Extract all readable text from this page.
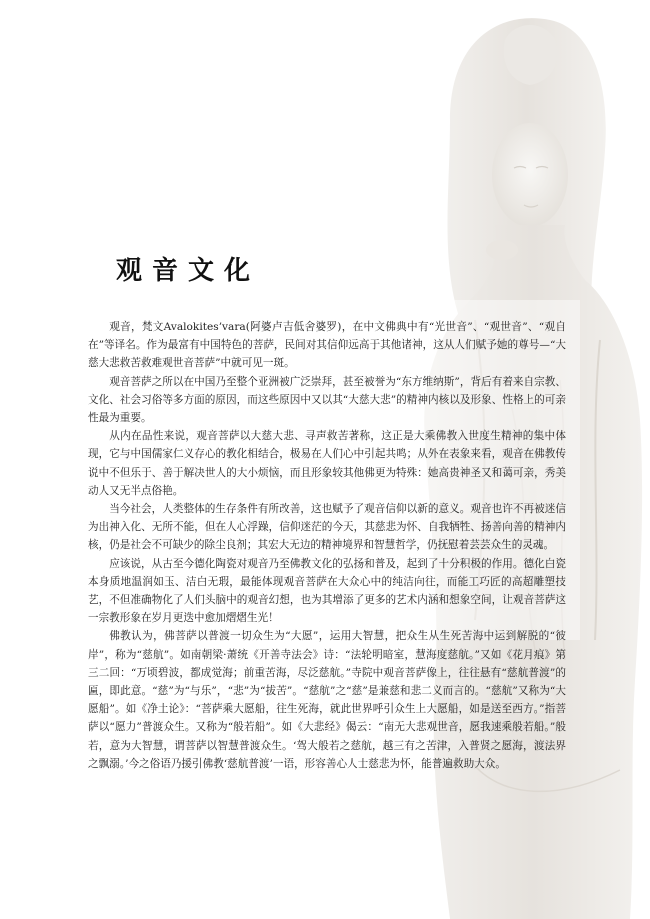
观音文化

观音，梵文Avalokites’vara(阿婆卢吉低舍婆罗)，在中文佛典中有“光世音”、“观世音”、“观自在”等译名。作为最富有中国特色的菩萨，民间对其信仰远高于其他诸神，这从人们赋予她的尊号—“大慈大悲救苦救难观世音菩萨”中就可见一斑。

观音菩萨之所以在中国乃至整个亚洲被广泛崇拜，甚至被誉为“东方维纳斯”，背后有着来自宗教、文化、社会习俗等多方面的原因，而这些原因中又以其“大慈大悲”的精神内核以及形象、性格上的可亲性最为重要。

从内在品性来说，观音菩萨以大慈大悲、寻声救苦著称，这正是大乘佛教入世度生精神的集中体现，它与中国儒家仁义存心的教化相结合，极易在人们心中引起共鸣；从外在表象来看，观音在佛教传说中不但乐于、善于解决世人的大小烦恼，而且形象较其他佛更为特殊：她高贵神圣又和蔼可亲，秀美动人又无半点俗艳。

当今社会，人类整体的生存条件有所改善，这也赋予了观音信仰以新的意义。观音也许不再被迷信为出神入化、无所不能，但在人心浮躁，信仰迷茫的今天，其慈悲为怀、自我牺牲、扬善向善的精神内核，仍是社会不可缺少的除尘良剂；其宏大无边的精神境界和智慧哲学，仍抚慰着芸芸众生的灵魂。

应该说，从古至今德化陶瓷对观音乃至佛教文化的弘扬和普及，起到了十分积极的作用。德化白瓷本身质地温润如玉、洁白无瑕，最能体现观音菩萨在大众心中的纯洁向往，而能工巧匠的高超雕塑技艺，不但准确物化了人们头脑中的观音幻想，也为其增添了更多的艺术内涵和想象空间，让观音菩萨这一宗教形象在岁月更迭中愈加熠熠生光！

佛教认为，佛菩萨以普渡一切众生为“大愿”，运用大智慧，把众生从生死苦海中运到解脱的“彼岸”，称为“慈航”。如南朝梁·萧统《开善寺法会》诗：“法轮明暗室，慧海度慈航。”又如《花月痕》第三二回：“万顷碧波，都成觉海；前重苦海，尽泛慈航。”寺院中观音菩萨像上，往往悬有“慈航普渡”的匾，即此意。“慈”为“与乐”，“悲”为“拔苦”。“慈航”之“慈”是兼慈和悲二义而言的。“慈航”又称为“大愿船”。如《净土论》：“菩萨乘大愿船，往生死海，就此世界呼引众生上大愿船，如是送至西方。”指菩萨以“愿力”普渡众生。又称为“般若船”。如《大悲经》偈云：“南无大悲观世音，愿我速乘般若船。”般若，意为大智慧，谓菩萨以智慧普渡众生。‘驾大般若之慈航，越三有之苦津，入普贤之愿海，渡法界之飘溺。’今之俗语乃援引佛教‘慈航普渡’一语，形容善心人士慈悲为怀，能普遍救助大众。
